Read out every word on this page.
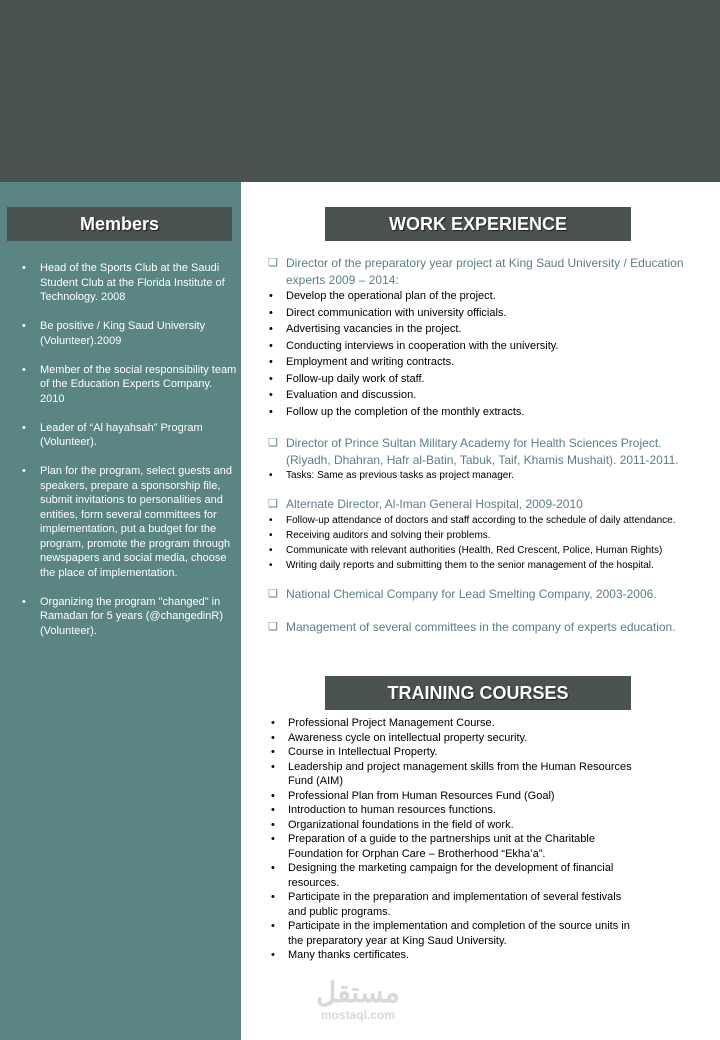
Members
• Head of the Sports Club at the Saudi Student Club at the Florida Institute of Technology. 2008
• Be positive / King Saud University (Volunteer).2009
• Member of the social responsibility team of the Education Experts Company. 2010
• Leader of “Al hayahsah” Program (Volunteer).
• Plan for the program, select guests and speakers, prepare a sponsorship file, submit invitations to personalities and entities, form several committees for implementation, put a budget for the program, promote the program through newspapers and social media, choose the place of implementation.
• Organizing the program "changed" in Ramadan for 5 years (@changedinR) (Volunteer).
WORK EXPERIENCE
❑ Director of the preparatory year project at King Saud University / Education experts 2009 – 2014:
• Develop the operational plan of the project.
• Direct communication with university officials.
• Advertising vacancies in the project.
• Conducting interviews in cooperation with the university.
• Employment and writing contracts.
• Follow-up daily work of staff.
• Evaluation and discussion.
• Follow up the completion of the monthly extracts.
❑ Director of Prince Sultan Military Academy for Health Sciences Project. (Riyadh, Dhahran, Hafr al-Batin, Tabuk, Taif, Khamis Mushait). 2011-2011.
• Tasks: Same as previous tasks as project manager.
❑ Alternate Director, Al-Iman General Hospital, 2009-2010
• Follow-up attendance of doctors and staff according to the schedule of daily attendance.
• Receiving auditors and solving their problems.
• Communicate with relevant authorities (Health, Red Crescent, Police, Human Rights)
• Writing daily reports and submitting them to the senior management of the hospital.
❑ National Chemical Company for Lead Smelting Company, 2003-2006.
❑ Management of several committees in the company of experts education.
TRAINING COURSES
• Professional Project Management Course.
• Awareness cycle on intellectual property security.
• Course in Intellectual Property.
• Leadership and project management skills from the Human Resources Fund (AIM)
• Professional Plan from Human Resources Fund (Goal)
• Introduction to human resources functions.
• Organizational foundations in the field of work.
• Preparation of a guide to the partnerships unit at the Charitable Foundation for Orphan Care – Brotherhood “Ekha’a”.
• Designing the marketing campaign for the development of financial resources.
• Participate in the preparation and implementation of several festivals and public programs.
• Participate in the implementation and completion of the source units in the preparatory year at King Saud University.
• Many thanks certificates.
مستقل
mostaql.com
